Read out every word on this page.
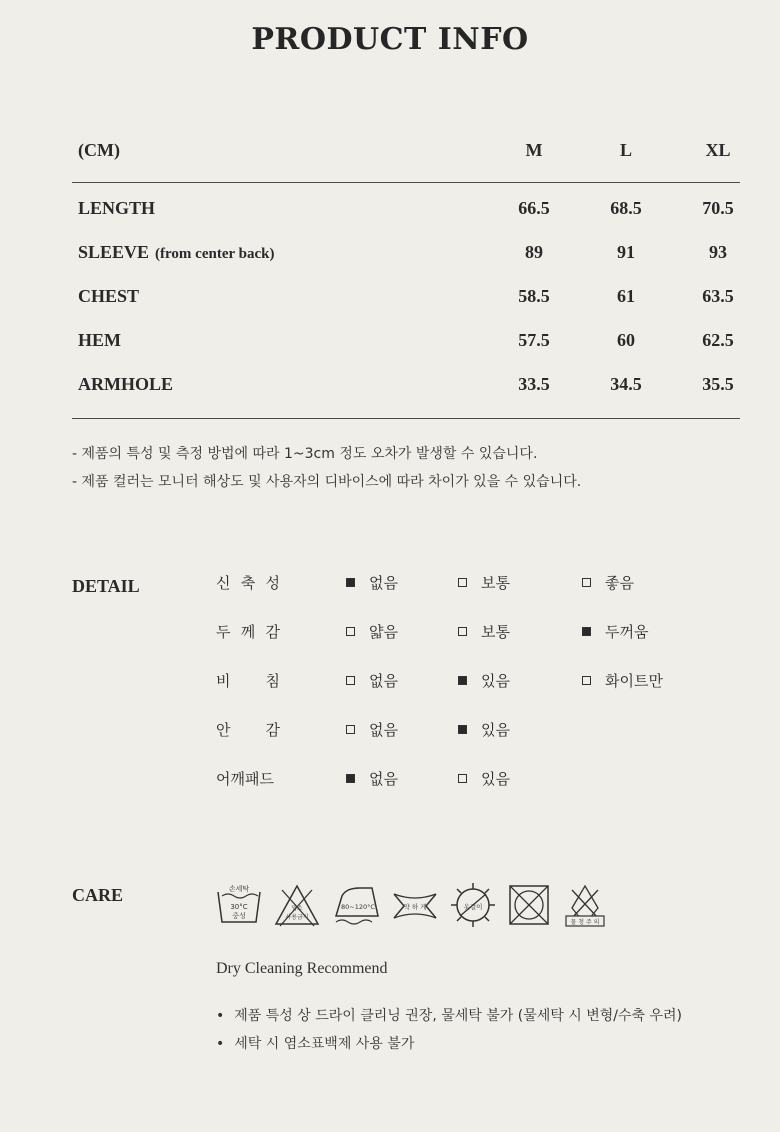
PRODUCT INFO
(CM)	M	L	XL
LENGTH	66.5	68.5	70.5
SLEEVE (from center back)	89	91	93
CHEST	58.5	61	63.5
HEM	57.5	60	62.5
ARMHOLE	33.5	34.5	35.5
- 제품의 특성 및 측정 방법에 따라 1~3cm 정도 오차가 발생할 수 있습니다.
- 제품 컬러는 모니터 해상도 및 사용자의 디바이스에 따라 차이가 있을 수 있습니다.
DETAIL	신 축 성	없음	보통	좋음
두 께 감	얇음	보통	두꺼움
비 침	없음	있음	화이트만
안 감	없음	있음
어깨패드	없음	있음
CARE	손세탁
30°C
중성
염소
사용금지
80~120°C	약 하 게	옷걸이
물 청 주 의
Dry Cleaning Recommend
• 제품 특성 상 드라이 클리닝 권장, 물세탁 불가 (물세탁 시 변형/수축 우려)
• 세탁 시 염소표백제 사용 불가
